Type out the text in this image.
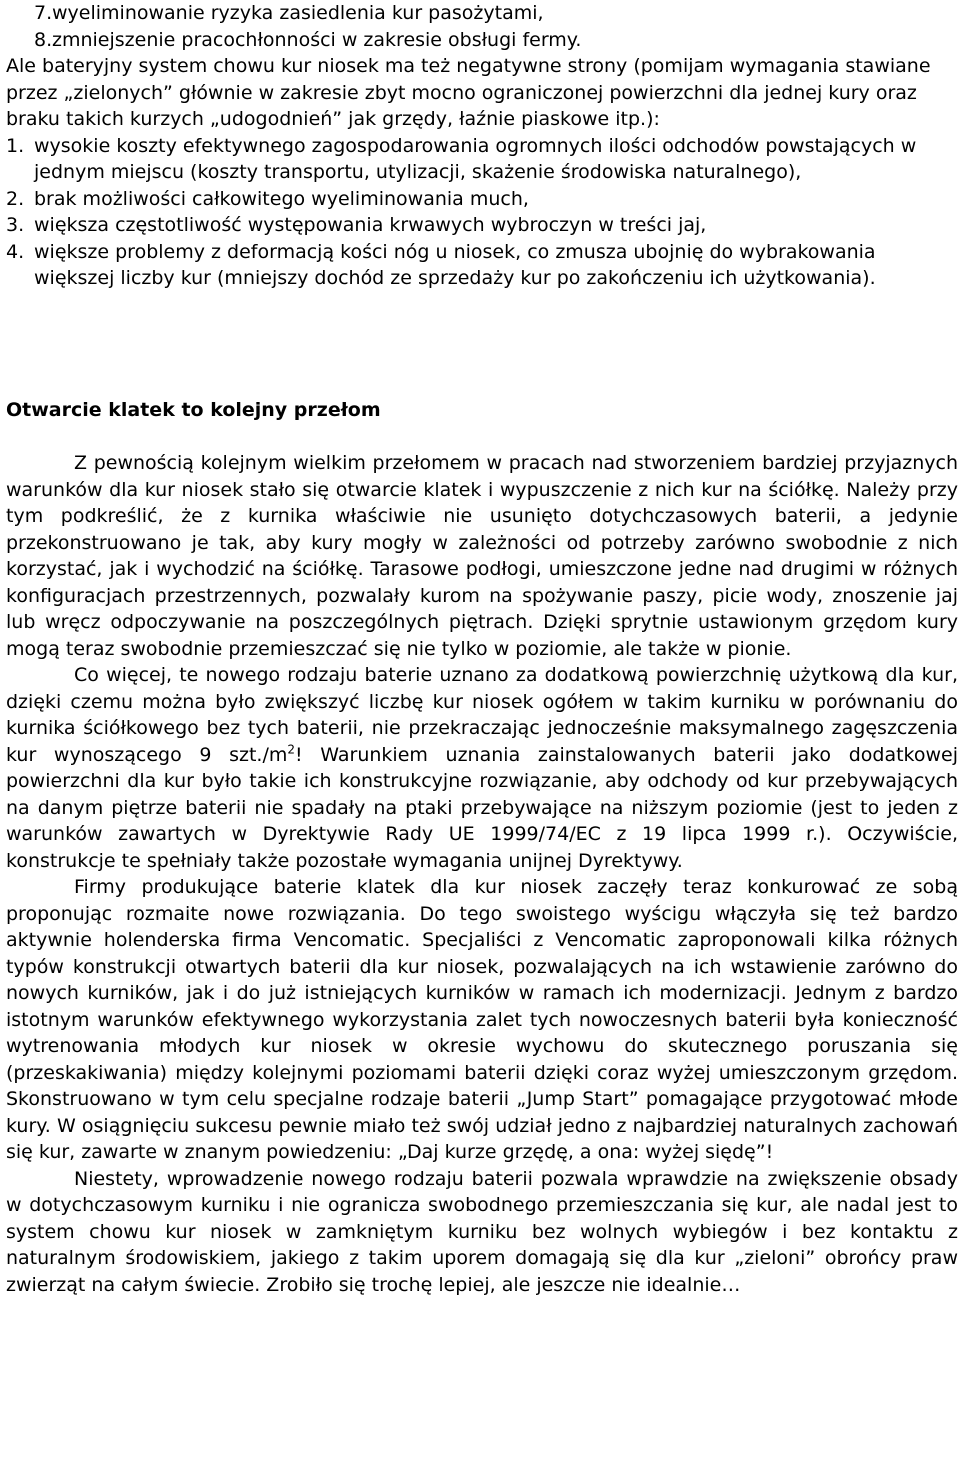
7. wyeliminowanie ryzyka zasiedlenia kur pasożytami,
8. zmniejszenie pracochłonności w zakresie obsługi fermy.
Ale bateryjny system chowu kur niosek ma też negatywne strony (pomijam wymagania stawiane przez „zielonych” głównie w zakresie zbyt mocno ograniczonej powierzchni dla jednej kury oraz braku takich kurzych „udogodnień” jak grzędy, łaźnie piaskowe itp.):
1. wysokie koszty efektywnego zagospodarowania ogromnych ilości odchodów powstających w jednym miejscu (koszty transportu, utylizacji, skażenie środowiska naturalnego),
2. brak możliwości całkowitego wyeliminowania much,
3. większa częstotliwość występowania krwawych wybroczyn w treści jaj,
4. większe problemy z deformacją kości nóg u niosek, co zmusza ubojnię do wybrakowania większej liczby kur (mniejszy dochód ze sprzedaży kur po zakończeniu ich użytkowania).
Otwarcie klatek to kolejny przełom

Z pewnością kolejnym wielkim przełomem w pracach nad stworzeniem bardziej przyjaznych warunków dla kur niosek stało się otwarcie klatek i wypuszczenie z nich kur na ściółkę. Należy przy tym podkreślić, że z kurnika właściwie nie usunięto dotychczasowych baterii, a jedynie przekonstruowano je tak, aby kury mogły w zależności od potrzeby zarówno swobodnie z nich korzystać, jak i wychodzić na ściółkę. Tarasowe podłogi, umieszczone jedne nad drugimi w różnych konfiguracjach przestrzennych, pozwalały kurom na spożywanie paszy, picie wody, znoszenie jaj lub wręcz odpoczywanie na poszczególnych piętrach. Dzięki sprytnie ustawionym grzędom kury mogą teraz swobodnie przemieszczać się nie tylko w poziomie, ale także w pionie.

Co więcej, te nowego rodzaju baterie uznano za dodatkową powierzchnię użytkową dla kur, dzięki czemu można było zwiększyć liczbę kur niosek ogółem w takim kurniku w porównaniu do kurnika ściółkowego bez tych baterii, nie przekraczając jednocześnie maksymalnego zagęszczenia kur wynoszącego 9 $szt./m^2$! Warunkiem uznania zainstalowanych baterii jako dodatkowej powierzchni dla kur było takie ich konstrukcyjne rozwiązanie, aby odchody od kur przebywających na danym piętrze baterii nie spadały na ptaki przebywające na niższym poziomie (jest to jeden z warunków zawartych w Dyrektywie Rady UE 1999/74/EC z 19 lipca 1999 r.). Oczywiście, konstrukcje te spełniały także pozostałe wymagania unijnej Dyrektywy.

Firmy produkujące baterie klatek dla kur niosek zaczęły teraz konkurować ze sobą proponując rozmaite nowe rozwiązania. Do tego swoistego wyścigu włączyła się też bardzo aktywnie holenderska firma Vencomatic. Specjaliści z Vencomatic zaproponowali kilka różnych typów konstrukcji otwartych baterii dla kur niosek, pozwalających na ich wstawienie zarówno do nowych kurników, jak i do już istniejących kurników w ramach ich modernizacji. Jednym z bardzo istotnym warunków efektywnego wykorzystania zalet tych nowoczesnych baterii była konieczność wytrenowania młodych kur niosek w okresie wychowu do skutecznego poruszania się (przeskakiwania) między kolejnymi poziomami baterii dzięki coraz wyżej umieszczonym grzędom. Skonstruowano w tym celu specjalne rodzaje baterii „Jump Start” pomagające przygotować młode kury. W osiągnięciu sukcesu pewnie miało też swój udział jedno z najbardziej naturalnych zachowań się kur, zawarte w znanym powiedzeniu: „Daj kurze grzędę, a ona: wyżej siędę”!

Niestety, wprowadzenie nowego rodzaju baterii pozwala wprawdzie na zwiększenie obsady w dotychczasowym kurniku i nie ogranicza swobodnego przemieszczania się kur, ale nadal jest to system chowu kur niosek w zamkniętym kurniku bez wolnych wybiegów i bez kontaktu z naturalnym środowiskiem, jakiego z takim uporem domagają się dla kur „zieloni” obrońcy praw zwierząt na całym świecie. Zrobiło się trochę lepiej, ale jeszcze nie idealnie…
